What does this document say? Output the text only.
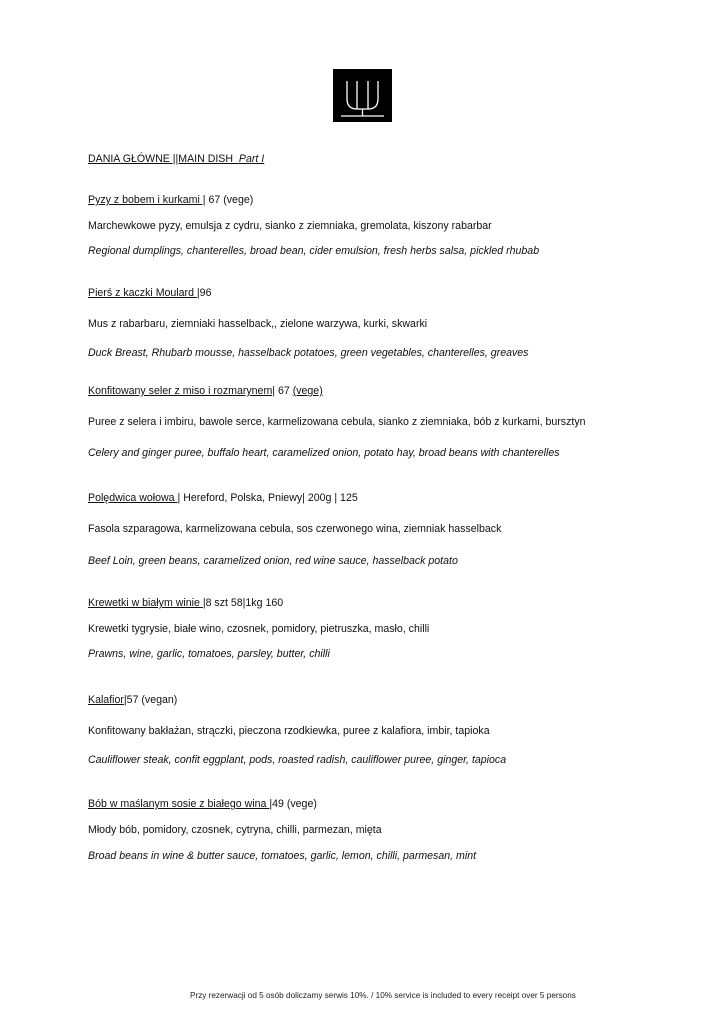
DANIA GŁÓWNE ||MAIN DISH Part I
Pyzy z bobem i kurkami | 67 (vege)
Marchewkowe pyzy, emulsja z cydru, sianko z ziemniaka, gremolata, kiszony rabarbar
Regional dumplings, chanterelles, broad bean, cider emulsion, fresh herbs salsa, pickled rhubab
Pierś z kaczki Moulard |96
Mus z rabarbaru, ziemniaki hasselback,, zielone warzywa, kurki, skwarki
Duck Breast, Rhubarb mousse, hasselback potatoes, green vegetables, chanterelles, greaves
Konfitowany seler z miso i rozmarynem| 67 (vege)
Puree z selera i imbiru, bawole serce, karmelizowana cebula, sianko z ziemniaka, bób z kurkami, bursztyn
Celery and ginger puree, buffalo heart, caramelized onion, potato hay, broad beans with chanterelles
Polędwica wołowa | Hereford, Polska, Pniewy| 200g | 125
Fasola szparagowa, karmelizowana cebula, sos czerwonego wina, ziemniak hasselback
Beef Loin, green beans, caramelized onion, red wine sauce, hasselback potato
Krewetki w białym winie |8 szt 58|1kg 160
Krewetki tygrysie, białe wino, czosnek, pomidory, pietruszka, masło, chilli
Prawns, wine, garlic, tomatoes, parsley, butter, chilli
Kalafior|57 (vegan)
Konfitowany bakłażan, strączki, pieczona rzodkiewka, puree z kalafiora, imbir, tapioka
Cauliflower steak, confit eggplant, pods, roasted radish, cauliflower puree, ginger, tapioca
Bób w maślanym sosie z białego wina |49 (vege)
Młody bób, pomidory, czosnek, cytryna, chilli, parmezan, mięta
Broad beans in wine & butter sauce, tomatoes, garlic, lemon, chilli, parmesan, mint
Przy rezerwacji od 5 osób doliczamy serwis 10%. / 10% service is included to every receipt over 5 persons
